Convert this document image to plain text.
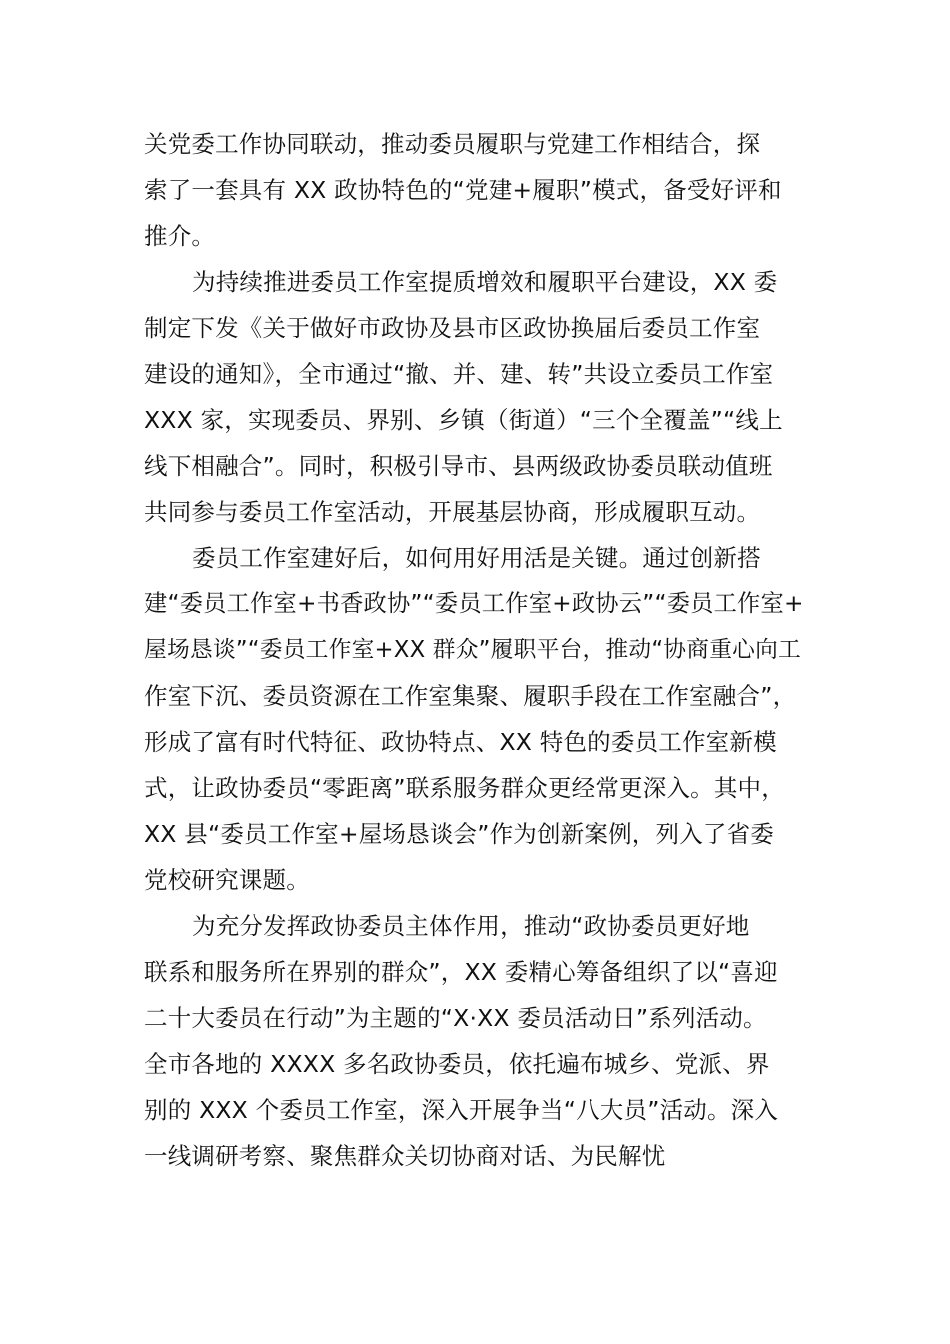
关党委工作协同联动，推动委员履职与党建工作相结合，探
索了一套具有 XX 政协特色的“党建+履职”模式，备受好评和
推介。
为持续推进委员工作室提质增效和履职平台建设，XX 委
制定下发《关于做好市政协及县市区政协换届后委员工作室
建设的通知》，全市通过“撤、并、建、转”共设立委员工作室
XXX 家，实现委员、界别、乡镇（街道）“三个全覆盖”“线上
线下相融合”。同时，积极引导市、县两级政协委员联动值班
共同参与委员工作室活动，开展基层协商，形成履职互动。
委员工作室建好后，如何用好用活是关键。通过创新搭
建“委员工作室+书香政协”“委员工作室+政协云”“委员工作室+
屋场恳谈”“委员工作室+XX 群众”履职平台，推动“协商重心向工
作室下沉、委员资源在工作室集聚、履职手段在工作室融合”，
形成了富有时代特征、政协特点、XX 特色的委员工作室新模
式，让政协委员“零距离”联系服务群众更经常更深入。其中，
XX 县“委员工作室+屋场恳谈会”作为创新案例，列入了省委
党校研究课题。
为充分发挥政协委员主体作用，推动“政协委员更好地
联系和服务所在界别的群众”，XX 委精心筹备组织了以“喜迎
二十大委员在行动”为主题的“X·XX 委员活动日”系列活动。
全市各地的 XXXX 多名政协委员，依托遍布城乡、党派、界
别的 XXX 个委员工作室，深入开展争当“八大员”活动。深入
一线调研考察、聚焦群众关切协商对话、为民解忧
